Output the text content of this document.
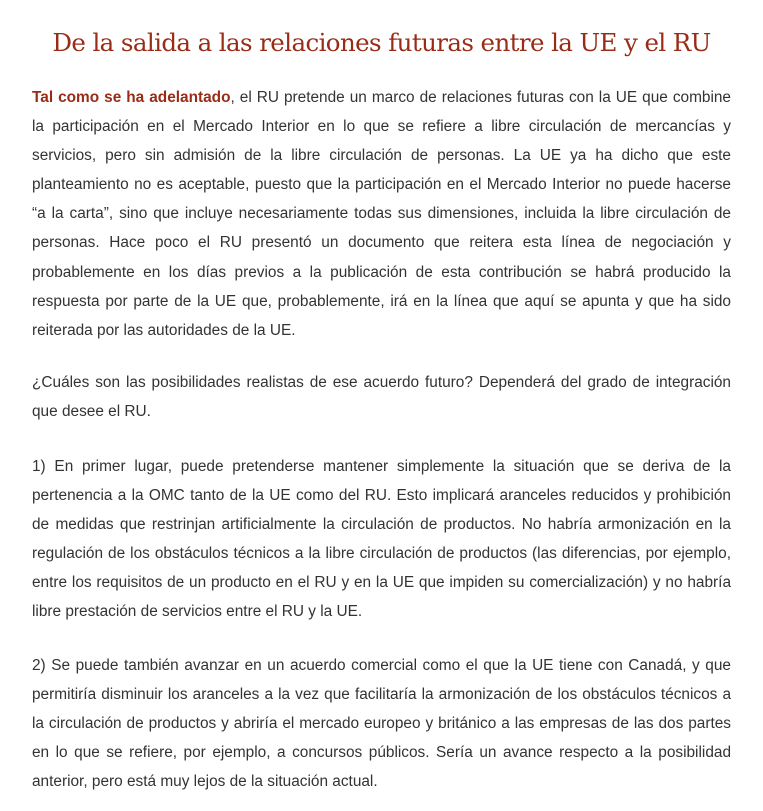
De la salida a las relaciones futuras entre la UE y el RU

Tal como se ha adelantado, el RU pretende un marco de relaciones futuras con la UE que combine la participación en el Mercado Interior en lo que se refiere a libre circulación de mercancías y servicios, pero sin admisión de la libre circulación de personas. La UE ya ha dicho que este planteamiento no es aceptable, puesto que la participación en el Mercado Interior no puede hacerse “a la carta”, sino que incluye necesariamente todas sus dimensiones, incluida la libre circulación de personas. Hace poco el RU presentó un documento que reitera esta línea de negociación y probablemente en los días previos a la publicación de esta contribución se habrá producido la respuesta por parte de la UE que, probablemente, irá en la línea que aquí se apunta y que ha sido reiterada por las autoridades de la UE.

¿Cuáles son las posibilidades realistas de ese acuerdo futuro? Dependerá del grado de integración que desee el RU.

1) En primer lugar, puede pretenderse mantener simplemente la situación que se deriva de la pertenencia a la OMC tanto de la UE como del RU. Esto implicará aranceles reducidos y prohibición de medidas que restrinjan artificialmente la circulación de productos. No habría armonización en la regulación de los obstáculos técnicos a la libre circulación de productos (las diferencias, por ejemplo, entre los requisitos de un producto en el RU y en la UE que impiden su comercialización) y no habría libre prestación de servicios entre el RU y la UE.

2) Se puede también avanzar en un acuerdo comercial como el que la UE tiene con Canadá, y que permitiría disminuir los aranceles a la vez que facilitaría la armonización de los obstáculos técnicos a la circulación de productos y abriría el mercado europeo y británico a las empresas de las dos partes en lo que se refiere, por ejemplo, a concursos públicos. Sería un avance respecto a la posibilidad anterior, pero está muy lejos de la situación actual.
